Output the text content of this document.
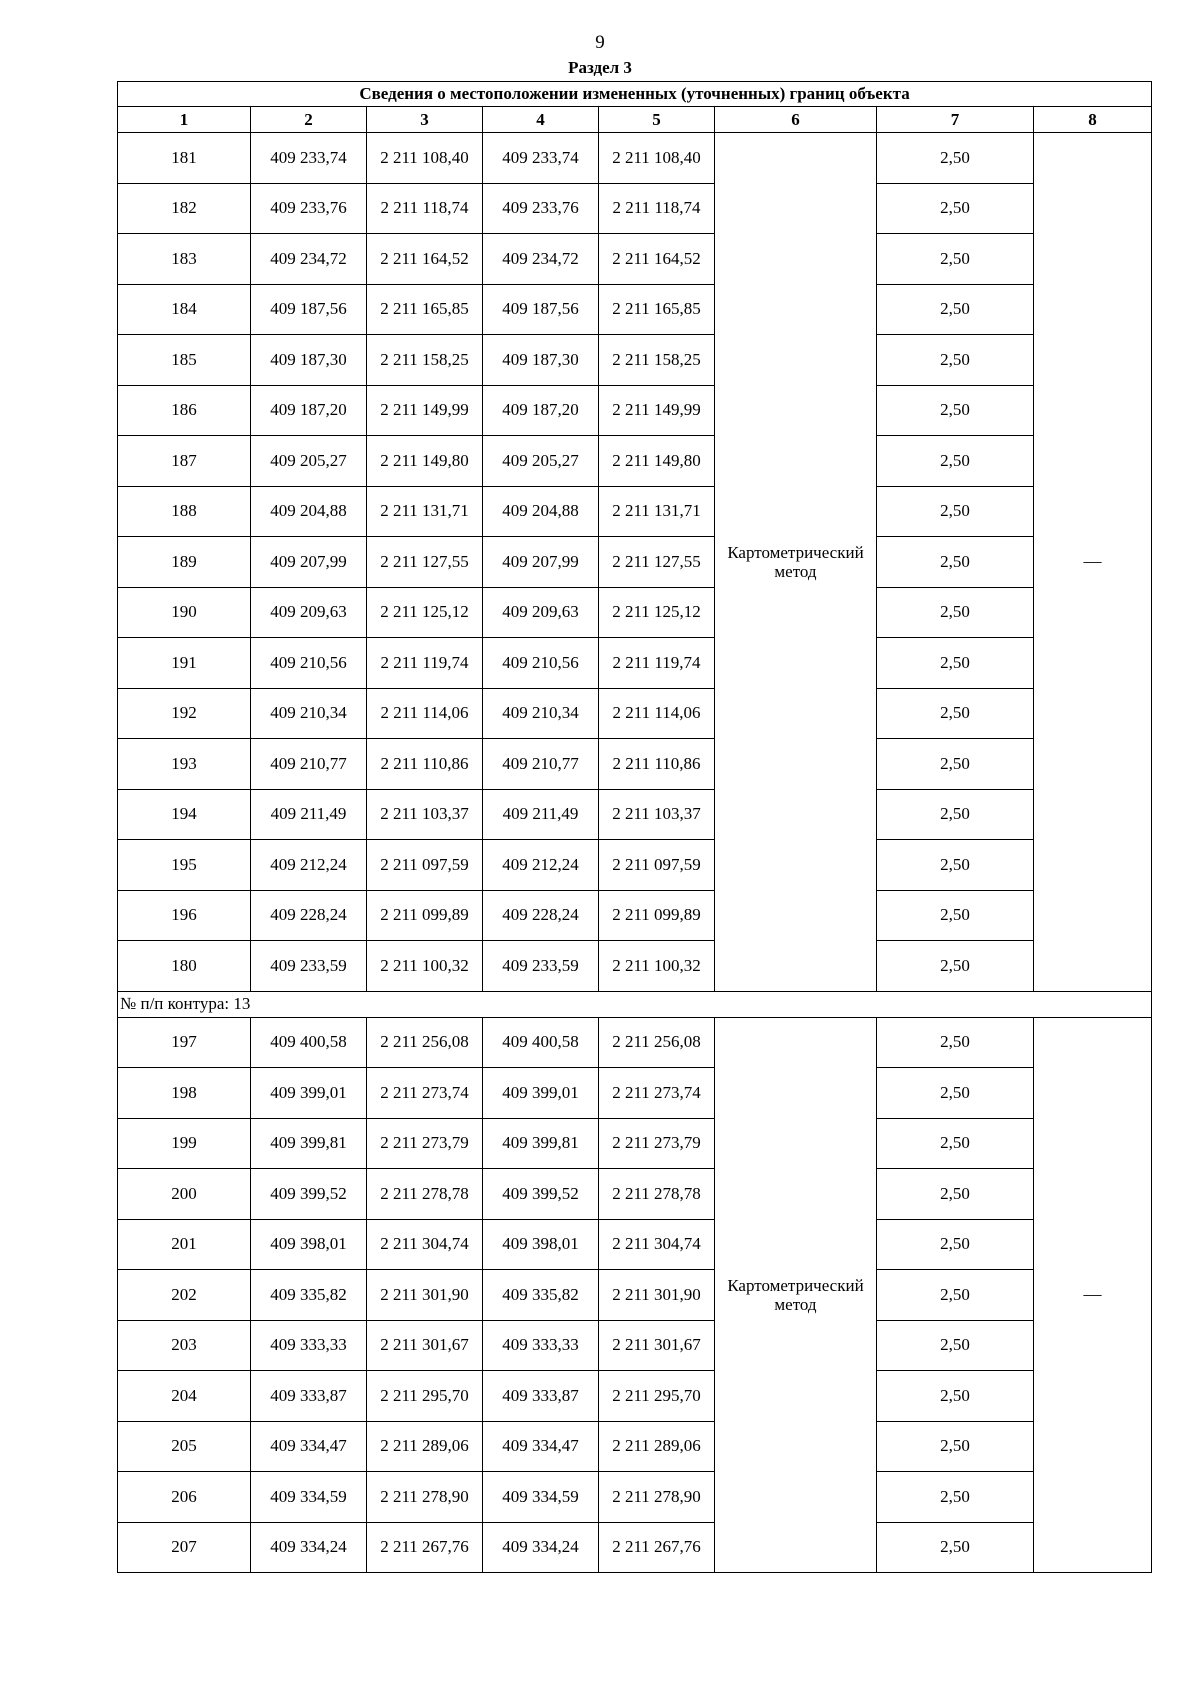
9
Раздел 3
Сведения о местоположении измененных (уточненных) границ объекта							
1	2	3	4	5	6	7	8
181	409 233,74	2 211 108,40	409 233,74	2 211 108,40	Картометрический метод	2,50	—
182	409 233,76	2 211 118,74	409 233,76	2 211 118,74		2,50	
183	409 234,72	2 211 164,52	409 234,72	2 211 164,52		2,50	
184	409 187,56	2 211 165,85	409 187,56	2 211 165,85		2,50	
185	409 187,30	2 211 158,25	409 187,30	2 211 158,25		2,50	
186	409 187,20	2 211 149,99	409 187,20	2 211 149,99		2,50	
187	409 205,27	2 211 149,80	409 205,27	2 211 149,80		2,50	
188	409 204,88	2 211 131,71	409 204,88	2 211 131,71		2,50	
189	409 207,99	2 211 127,55	409 207,99	2 211 127,55		2,50	
190	409 209,63	2 211 125,12	409 209,63	2 211 125,12		2,50	
191	409 210,56	2 211 119,74	409 210,56	2 211 119,74		2,50	
192	409 210,34	2 211 114,06	409 210,34	2 211 114,06		2,50	
193	409 210,77	2 211 110,86	409 210,77	2 211 110,86		2,50	
194	409 211,49	2 211 103,37	409 211,49	2 211 103,37		2,50	
195	409 212,24	2 211 097,59	409 212,24	2 211 097,59		2,50	
196	409 228,24	2 211 099,89	409 228,24	2 211 099,89		2,50	
180	409 233,59	2 211 100,32	409 233,59	2 211 100,32		2,50	
№ п/п контура: 13							
197	409 400,58	2 211 256,08	409 400,58	2 211 256,08	Картометрический метод	2,50	—
198	409 399,01	2 211 273,74	409 399,01	2 211 273,74		2,50	
199	409 399,81	2 211 273,79	409 399,81	2 211 273,79		2,50	
200	409 399,52	2 211 278,78	409 399,52	2 211 278,78		2,50	
201	409 398,01	2 211 304,74	409 398,01	2 211 304,74		2,50	
202	409 335,82	2 211 301,90	409 335,82	2 211 301,90		2,50	
203	409 333,33	2 211 301,67	409 333,33	2 211 301,67		2,50	
204	409 333,87	2 211 295,70	409 333,87	2 211 295,70		2,50	
205	409 334,47	2 211 289,06	409 334,47	2 211 289,06		2,50	
206	409 334,59	2 211 278,90	409 334,59	2 211 278,90		2,50	
207	409 334,24	2 211 267,76	409 334,24	2 211 267,76		2,50	
